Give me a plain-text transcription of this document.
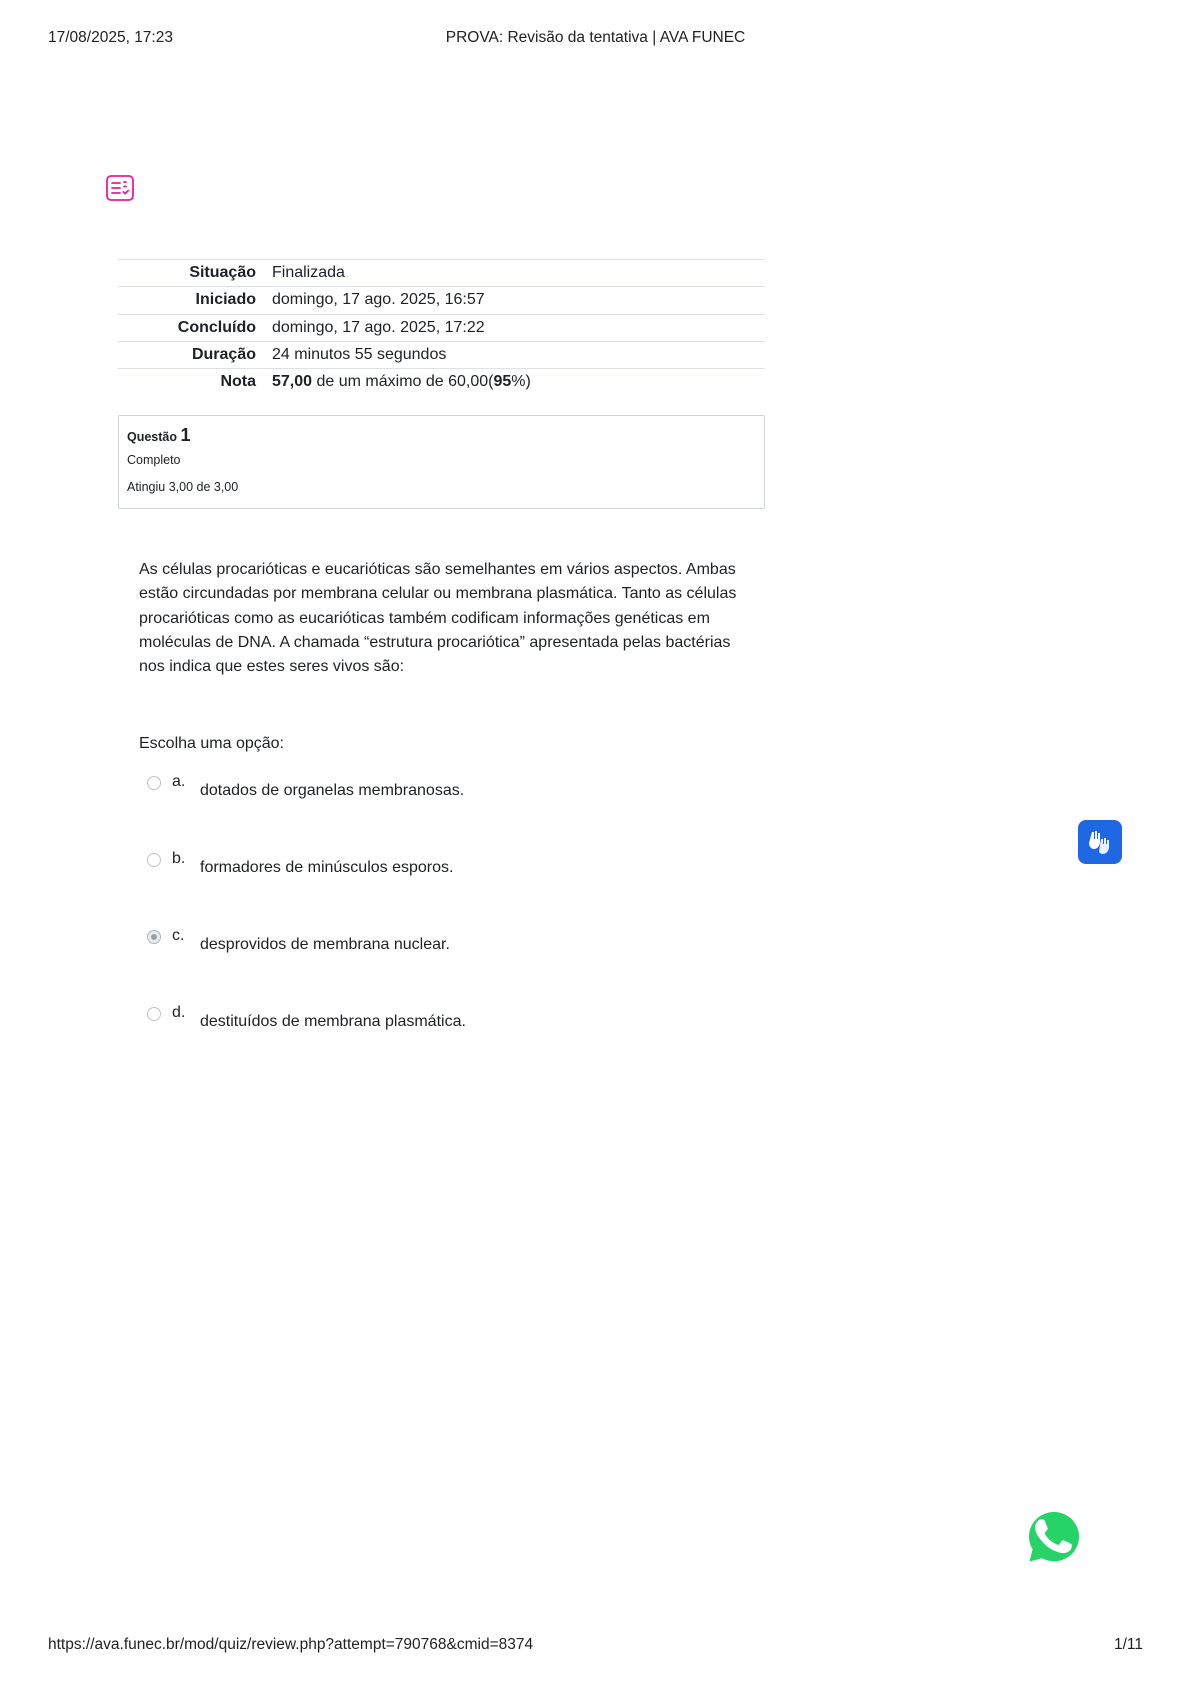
17/08/2025, 17:23	PROVA: Revisão da tentativa | AVA FUNEC
Situação	Finalizada
Iniciado	domingo, 17 ago. 2025, 16:57
Concluído	domingo, 17 ago. 2025, 17:22
Duração	24 minutos 55 segundos
Nota	57,00 de um máximo de 60,00(95%)
Questão 1
Completo
Atingiu 3,00 de 3,00
As células procarióticas e eucarióticas são semelhantes em vários aspectos. Ambas estão circundadas por membrana celular ou membrana plasmática. Tanto as células procarióticas como as eucarióticas também codificam informações genéticas em moléculas de DNA. A chamada “estrutura procariótica” apresentada pelas bactérias nos indica que estes seres vivos são:
Escolha uma opção:
a.
dotados de organelas membranosas.
b.
formadores de minúsculos esporos.
c.
desprovidos de membrana nuclear.
d.
destituídos de membrana plasmática.
https://ava.funec.br/mod/quiz/review.php?attempt=790768&cmid=8374	1/11
